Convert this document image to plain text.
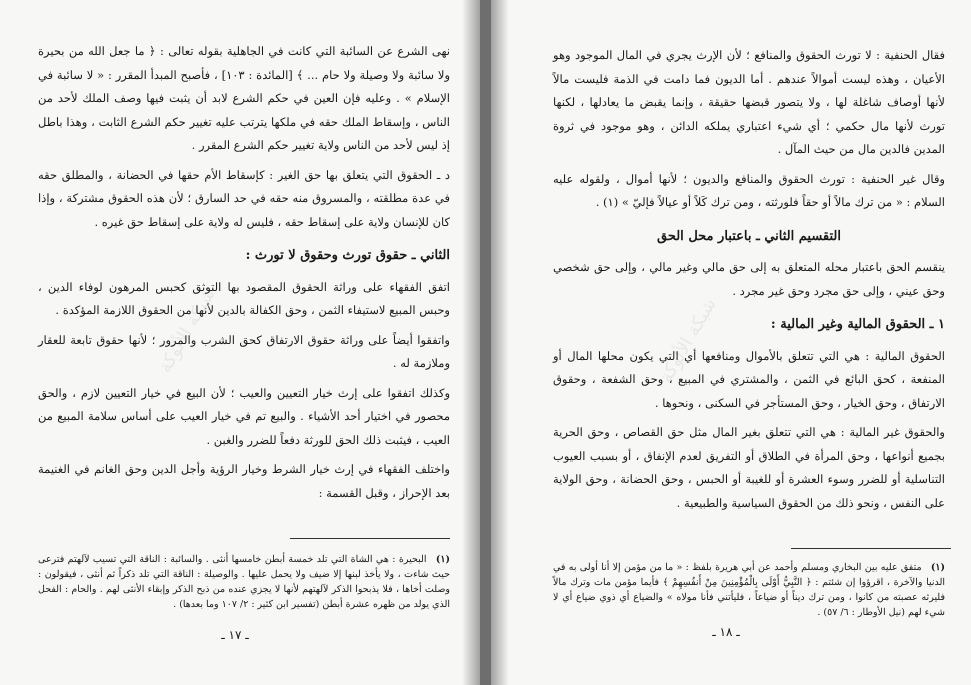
شبكة الألوكة

نهى الشرع عن السائبة التي كانت في الجاهلية بقوله تعالى : ﴿ ما جعل الله من بحيرة ولا سائبة ولا وصيلة ولا حام ... ﴾ [المائدة : ١٠٣] ، فأصبح المبدأ المقرر : « لا سائبة في الإسلام » . وعليه فإن العين في حكم الشرع لابد أن يثبت فيها وصف الملك لأحد من الناس ، وإسقاط الملك حقه في ملكها يترتب عليه تغيير حكم الشرع الثابت ، وهذا باطل إذ ليس لأحد من الناس ولاية تغيير حكم الشرع المقرر .

د ـ الحقوق التي يتعلق بها حق الغير : كإسقاط الأم حقها في الحضانة ، والمطلق حقه في عدة مطلقته ، والمسروق منه حقه في حد السارق ؛ لأن هذه الحقوق مشتركة ، وإذا كان للإنسان ولاية على إسقاط حقه ، فليس له ولاية على إسقاط حق غيره .

الثاني ـ حقوق تورث وحقوق لا تورث :

اتفق الفقهاء على وراثة الحقوق المقصود بها التوثق كحبس المرهون لوفاء الدين ، وحبس المبيع لاستيفاء الثمن ، وحق الكفالة بالدين لأنها من الحقوق اللازمة المؤكدة .

واتفقوا أيضاً على وراثة حقوق الارتفاق كحق الشرب والمرور ؛ لأنها حقوق تابعة للعقار وملازمة له .

وكذلك اتفقوا على إرث خيار التعيين والعيب ؛ لأن البيع في خيار التعيين لازم ، والحق محصور في اختيار أحد الأشياء . والبيع تم في خيار العيب على أساس سلامة المبيع من العيب ، فيثبت ذلك الحق للورثة دفعاً للضرر والغبن .

واختلف الفقهاء في إرث خيار الشرط وخيار الرؤية وأجل الدين وحق الغانم في الغنيمة بعد الإحراز ، وقبل القسمة :

(١) البحيرة : هي الشاة التي تلد خمسة أبطن خامسها أنثى . والسائبة : الناقة التي تسيب لآلهتم فترعى حيث شاءت ، ولا يأخذ لبنها إلا ضيف ولا يحمل عليها . والوصيلة : الناقة التي تلد ذكراً ثم أنثى ، فيقولون : وصلت أخاها ، فلا يذبحوا الذكر لآلهتهم لأنها لا يجزي عنده من ذبح الذكر وإبقاء الأنثى لهم . والحام : الفحل الذي يولد من ظهره عشرة أبطن (تفسير ابن كثير : ٢/ ١٠٧ وما بعدها) .
ـ ١٧ ـ
شبكة الألوكة

فقال الحنفية : لا تورث الحقوق والمنافع ؛ لأن الإرث يجري في المال الموجود وهو الأعيان ، وهذه ليست أموالاً عندهم . أما الديون فما دامت في الذمة فليست مالاً لأنها أوصاف شاغلة لها ، ولا يتصور قبضها حقيقة ، وإنما يقبض ما يعادلها ، لكنها تورث لأنها مال حكمي ؛ أي شيء اعتباري يملكه الدائن ، وهو موجود في ثروة المدين فالدين مال من حيث المآل .

وقال غير الحنفية : تورث الحقوق والمنافع والديون ؛ لأنها أموال ، ولقوله عليه السلام : « من ترك مالاً أو حقاً فلورثته ، ومن ترك كَلاً أو عيالاً فإليّ » (١) .

التقسيم الثاني ـ باعتبار محل الحق

ينقسم الحق باعتبار محله المتعلق به إلى حق مالي وغير مالي ، وإلى حق شخصي وحق عيني ، وإلى حق مجرد وحق غير مجرد .

١ ـ الحقوق المالية وغير المالية :

الحقوق المالية : هي التي تتعلق بالأموال ومنافعها أي التي يكون محلها المال أو المنفعة ، كحق البائع في الثمن ، والمشتري في المبيع ، وحق الشفعة ، وحقوق الارتفاق ، وحق الخيار ، وحق المستأجر في السكنى ، ونحوها .

والحقوق غير المالية : هي التي تتعلق بغير المال مثل حق القصاص ، وحق الحرية بجميع أنواعها ، وحق المرأة في الطلاق أو التفريق لعدم الإنفاق ، أو بسبب العيوب التناسلية أو للضرر وسوء العشرة أو للغيبة أو الحبس ، وحق الحضانة ، وحق الولاية على النفس ، ونحو ذلك من الحقوق السياسية والطبيعية .

(١) متفق عليه بين البخاري ومسلم وأحمد عن أبي هريرة بلفظ : « ما من مؤمن إلا أنا أولى به في الدنيا والآخرة ، اقرؤوا إن شئتم : ﴿ النَّبِيُّ أَوْلَى بِالْمُؤْمِنِينَ مِنْ أَنفُسِهِمْ ﴾ فأيما مؤمن مات وترك مالاً فليرثه عصبته من كانوا ، ومن ترك ديناً أو ضياعاً ، فليأتني فأنا مولاه » والضياع أي ذوي ضياع أي لا شيء لهم (نيل الأوطار : ٦/ ٥٧) .
ـ ١٨ ـ
